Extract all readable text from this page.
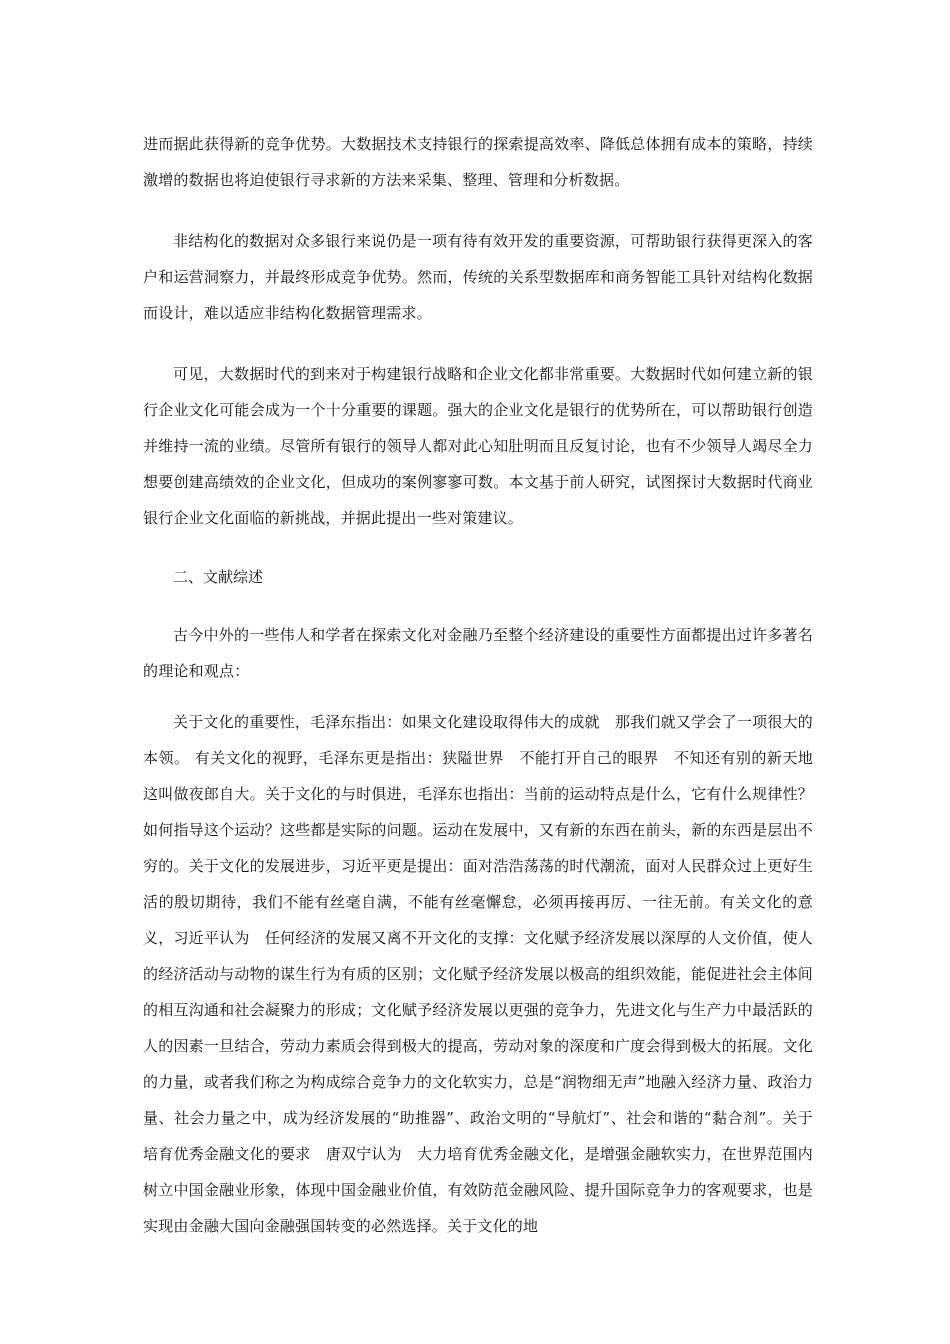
进而据此获得新的竞争优势。大数据技术支持银行的探索提高效率、降低总体拥有成本的策略，持续激增的数据也将迫使银行寻求新的方法来采集、整理、管理和分析数据。

非结构化的数据对众多银行来说仍是一项有待有效开发的重要资源，可帮助银行获得更深入的客户和运营洞察力，并最终形成竞争优势。然而，传统的关系型数据库和商务智能工具针对结构化数据而设计，难以适应非结构化数据管理需求。

可见，大数据时代的到来对于构建银行战略和企业文化都非常重要。大数据时代如何建立新的银行企业文化可能会成为一个十分重要的课题。强大的企业文化是银行的优势所在，可以帮助银行创造并维持一流的业绩。尽管所有银行的领导人都对此心知肚明而且反复讨论，也有不少领导人竭尽全力想要创建高绩效的企业文化，但成功的案例寥寥可数。本文基于前人研究，试图探讨大数据时代商业银行企业文化面临的新挑战，并据此提出一些对策建议。

二、文献综述

古今中外的一些伟人和学者在探索文化对金融乃至整个经济建设的重要性方面都提出过许多著名的理论和观点：

关于文化的重要性，毛泽东指出：如果文化建设取得伟大的成就　那我们就又学会了一项很大的本领。 有关文化的视野，毛泽东更是指出：狭隘世界　不能打开自己的眼界　不知还有别的新天地　这叫做夜郎自大。关于文化的与时俱进，毛泽东也指出：当前的运动特点是什么，它有什么规律性？如何指导这个运动？这些都是实际的问题。运动在发展中，又有新的东西在前头，新的东西是层出不穷的。关于文化的发展进步，习近平更是提出：面对浩浩荡荡的时代潮流，面对人民群众过上更好生活的殷切期待，我们不能有丝毫自满，不能有丝毫懈怠，必须再接再厉、一往无前。有关文化的意义，习近平认为　任何经济的发展又离不开文化的支撑：文化赋予经济发展以深厚的人文价值，使人的经济活动与动物的谋生行为有质的区别；文化赋予经济发展以极高的组织效能，能促进社会主体间的相互沟通和社会凝聚力的形成；文化赋予经济发展以更强的竞争力，先进文化与生产力中最活跃的人的因素一旦结合，劳动力素质会得到极大的提高，劳动对象的深度和广度会得到极大的拓展。文化的力量，或者我们称之为构成综合竞争力的文化软实力，总是“润物细无声”地融入经济力量、政治力量、社会力量之中，成为经济发展的“助推器”、政治文明的“导航灯”、社会和谐的“黏合剂”。关于培育优秀金融文化的要求　唐双宁认为　大力培育优秀金融文化，是增强金融软实力，在世界范围内树立中国金融业形象，体现中国金融业价值，有效防范金融风险、提升国际竞争力的客观要求，也是实现由金融大国向金融强国转变的必然选择。关于文化的地
